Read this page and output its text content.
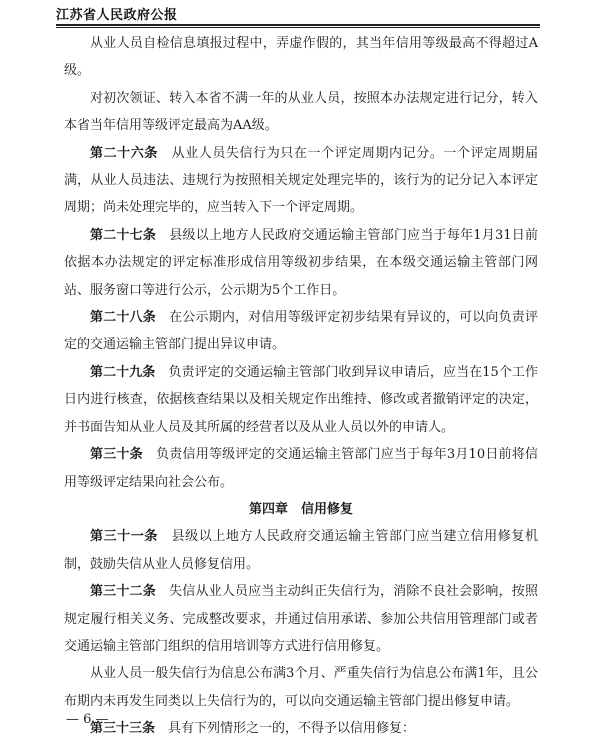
江苏省人民政府公报

从业人员自检信息填报过程中，弄虚作假的，其当年信用等级最高不得超过A级。

对初次领证、转入本省不满一年的从业人员，按照本办法规定进行记分，转入本省当年信用等级评定最高为AA级。

第二十六条　 从业人员失信行为只在一个评定周期内记分。一个评定周期届满，从业人员违法、违规行为按照相关规定处理完毕的，该行为的记分记入本评定周期；尚未处理完毕的，应当转入下一个评定周期。

第二十七条　 县级以上地方人民政府交通运输主管部门应当于每年1月31日前依据本办法规定的评定标准形成信用等级初步结果，在本级交通运输主管部门网站、服务窗口等进行公示，公示期为5个工作日。

第二十八条　 在公示期内，对信用等级评定初步结果有异议的，可以向负责评定的交通运输主管部门提出异议申请。

第二十九条　 负责评定的交通运输主管部门收到异议申请后，应当在15个工作日内进行核查，依据核查结果以及相关规定作出维持、修改或者撤销评定的决定，并书面告知从业人员及其所属的经营者以及从业人员以外的申请人。

第三十条　 负责信用等级评定的交通运输主管部门应当于每年3月10日前将信用等级评定结果向社会公布。

第四章　信用修复

第三十一条　 县级以上地方人民政府交通运输主管部门应当建立信用修复机制，鼓励失信从业人员修复信用。

第三十二条　 失信从业人员应当主动纠正失信行为，消除不良社会影响，按照规定履行相关义务、完成整改要求，并通过信用承诺、参加公共信用管理部门或者交通运输主管部门组织的信用培训等方式进行信用修复。

从业人员一般失信行为信息公布满3个月、严重失信行为信息公布满1年，且公布期内未再发生同类以上失信行为的，可以向交通运输主管部门提出修复申请。

第三十三条　 具有下列情形之一的，不得予以信用修复：

— 6 —
